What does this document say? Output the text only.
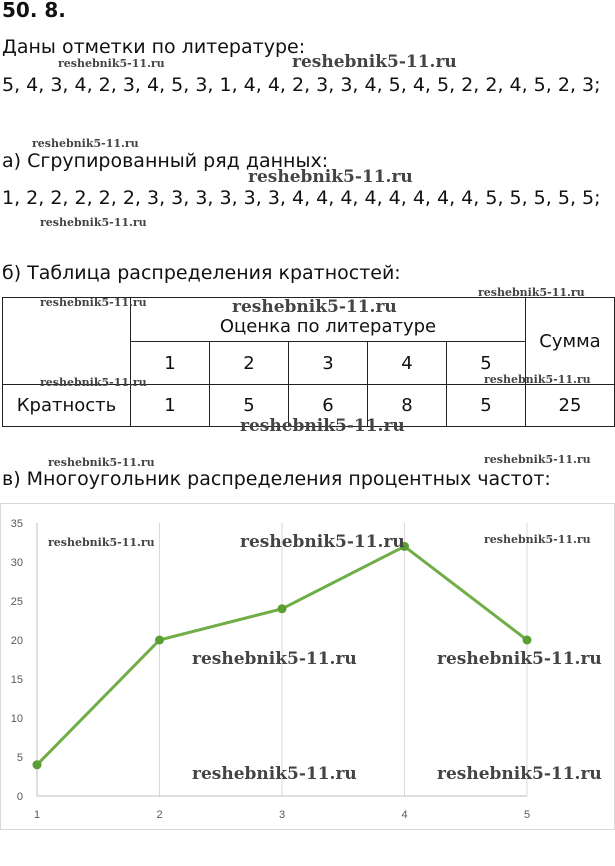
50. 8.
Даны отметки по литературе:
5, 4, 3, 4, 2, 3, 4, 5, 3, 1, 4, 4, 2, 3, 3, 4, 5, 4, 5, 2, 2, 4, 5, 2, 3;
а) Сгрупированный ряд данных:
1, 2, 2, 2, 2, 2, 3, 3, 3, 3, 3, 3, 4, 4, 4, 4, 4, 4, 4, 4, 5, 5, 5, 5, 5;
б) Таблица распределения кратностей:
	Оценка по литературе					Сумма
	1	2	3	4	5	
Кратность	1	5	6	8	5	25
в) Многоугольник распределения процентных частот:
0
5
10
15
20
25
30
35
1	2	3	4	5
reshebnik5-11.ru	reshebnik5-11.ru
reshebnik5-11.ru
reshebnik5-11.ru
reshebnik5-11.ru
reshebnik5-11.ru
reshebnik5-11.ru	reshebnik5-11.ru
reshebnik5-11.ru	reshebnik5-11.ru
reshebnik5-11.ru
reshebnik5-11.ru	reshebnik5-11.ru
reshebnik5-11.ru	reshebnik5-11.ru	reshebnik5-11.ru
reshebnik5-11.ru	reshebnik5-11.ru
reshebnik5-11.ru	reshebnik5-11.ru
